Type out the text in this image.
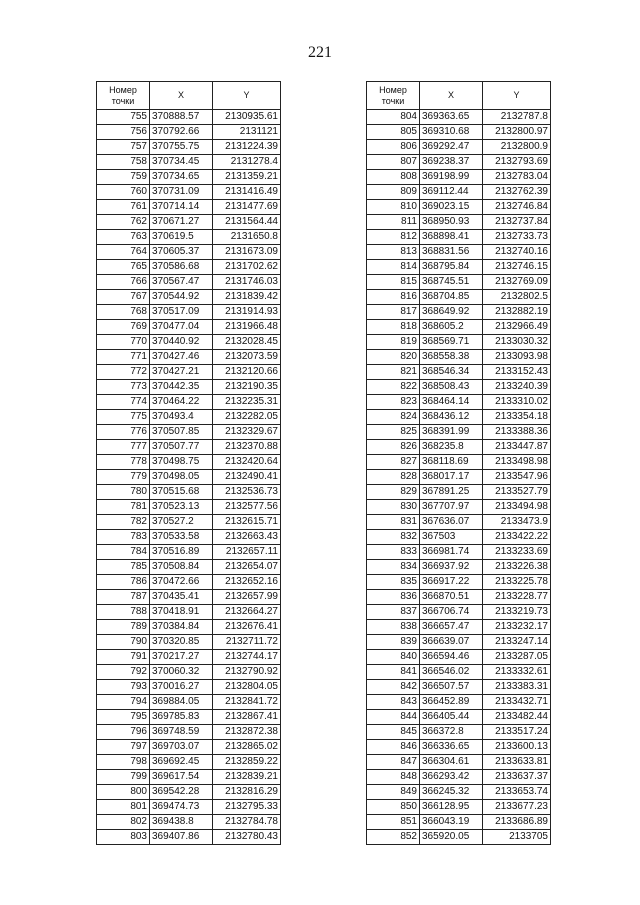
221
Номер точки	X	Y
755	370888.57	2130935.61
756	370792.66	2131121
757	370755.75	2131224.39
758	370734.45	2131278.4
759	370734.65	2131359.21
760	370731.09	2131416.49
761	370714.14	2131477.69
762	370671.27	2131564.44
763	370619.5	2131650.8
764	370605.37	2131673.09
765	370586.68	2131702.62
766	370567.47	2131746.03
767	370544.92	2131839.42
768	370517.09	2131914.93
769	370477.04	2131966.48
770	370440.92	2132028.45
771	370427.46	2132073.59
772	370427.21	2132120.66
773	370442.35	2132190.35
774	370464.22	2132235.31
775	370493.4	2132282.05
776	370507.85	2132329.67
777	370507.77	2132370.88
778	370498.75	2132420.64
779	370498.05	2132490.41
780	370515.68	2132536.73
781	370523.13	2132577.56
782	370527.2	2132615.71
783	370533.58	2132663.43
784	370516.89	2132657.11
785	370508.84	2132654.07
786	370472.66	2132652.16
787	370435.41	2132657.99
788	370418.91	2132664.27
789	370384.84	2132676.41
790	370320.85	2132711.72
791	370217.27	2132744.17
792	370060.32	2132790.92
793	370016.27	2132804.05
794	369884.05	2132841.72
795	369785.83	2132867.41
796	369748.59	2132872.38
797	369703.07	2132865.02
798	369692.45	2132859.22
799	369617.54	2132839.21
800	369542.28	2132816.29
801	369474.73	2132795.33
802	369438.8	2132784.78
803	369407.86	2132780.43
Номер точки	X	Y
804	369363.65	2132787.8
805	369310.68	2132800.97
806	369292.47	2132800.9
807	369238.37	2132793.69
808	369198.99	2132783.04
809	369112.44	2132762.39
810	369023.15	2132746.84
811	368950.93	2132737.84
812	368898.41	2132733.73
813	368831.56	2132740.16
814	368795.84	2132746.15
815	368745.51	2132769.09
816	368704.85	2132802.5
817	368649.92	2132882.19
818	368605.2	2132966.49
819	368569.71	2133030.32
820	368558.38	2133093.98
821	368546.34	2133152.43
822	368508.43	2133240.39
823	368464.14	2133310.02
824	368436.12	2133354.18
825	368391.99	2133388.36
826	368235.8	2133447.87
827	368118.69	2133498.98
828	368017.17	2133547.96
829	367891.25	2133527.79
830	367707.97	2133494.98
831	367636.07	2133473.9
832	367503	2133422.22
833	366981.74	2133233.69
834	366937.92	2133226.38
835	366917.22	2133225.78
836	366870.51	2133228.77
837	366706.74	2133219.73
838	366657.47	2133232.17
839	366639.07	2133247.14
840	366594.46	2133287.05
841	366546.02	2133332.61
842	366507.57	2133383.31
843	366452.89	2133432.71
844	366405.44	2133482.44
845	366372.8	2133517.24
846	366336.65	2133600.13
847	366304.61	2133633.81
848	366293.42	2133637.37
849	366245.32	2133653.74
850	366128.95	2133677.23
851	366043.19	2133686.89
852	365920.05	2133705
